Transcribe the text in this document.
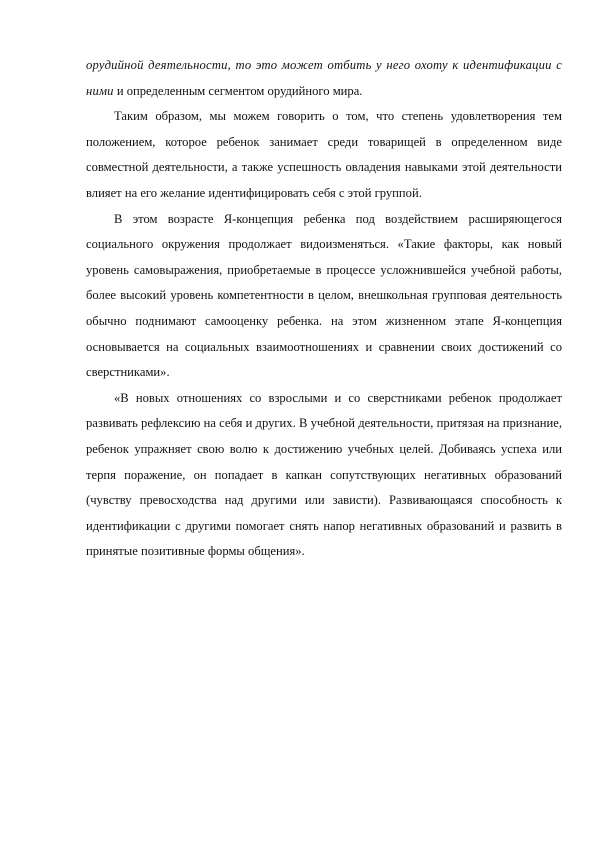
орудийной деятельности, то это может отбить у него охоту к идентификации с ними и определенным сегментом орудийного мира.

Таким образом, мы можем говорить о том, что степень удовлетворения тем положением, которое ребенок занимает среди товарищей в определенном виде совместной деятельности, а также успешность овладения навыками этой деятельности влияет на его желание идентифицировать себя с этой группой.

В этом возрасте Я-концепция ребенка под воздействием расширяющегося социального окружения продолжает видоизменяться. «Такие факторы, как новый уровень самовыражения, приобретаемые в процессе усложнившейся учебной работы, более высокий уровень компетентности в целом, внешкольная групповая деятельность обычно поднимают самооценку ребенка. на этом жизненном этапе Я-концепция основывается на социальных взаимоотношениях и сравнении своих достижений со сверстниками».

«В новых отношениях со взрослыми и со сверстниками ребенок продолжает развивать рефлексию на себя и других. В учебной деятельности, притязая на признание, ребенок упражняет свою волю к достижению учебных целей. Добиваясь успеха или терпя поражение, он попадает в капкан сопутствующих негативных образований (чувству превосходства над другими или зависти). Развивающаяся способность к идентификации с другими помогает снять напор негативных образований и развить в принятые позитивные формы общения».
